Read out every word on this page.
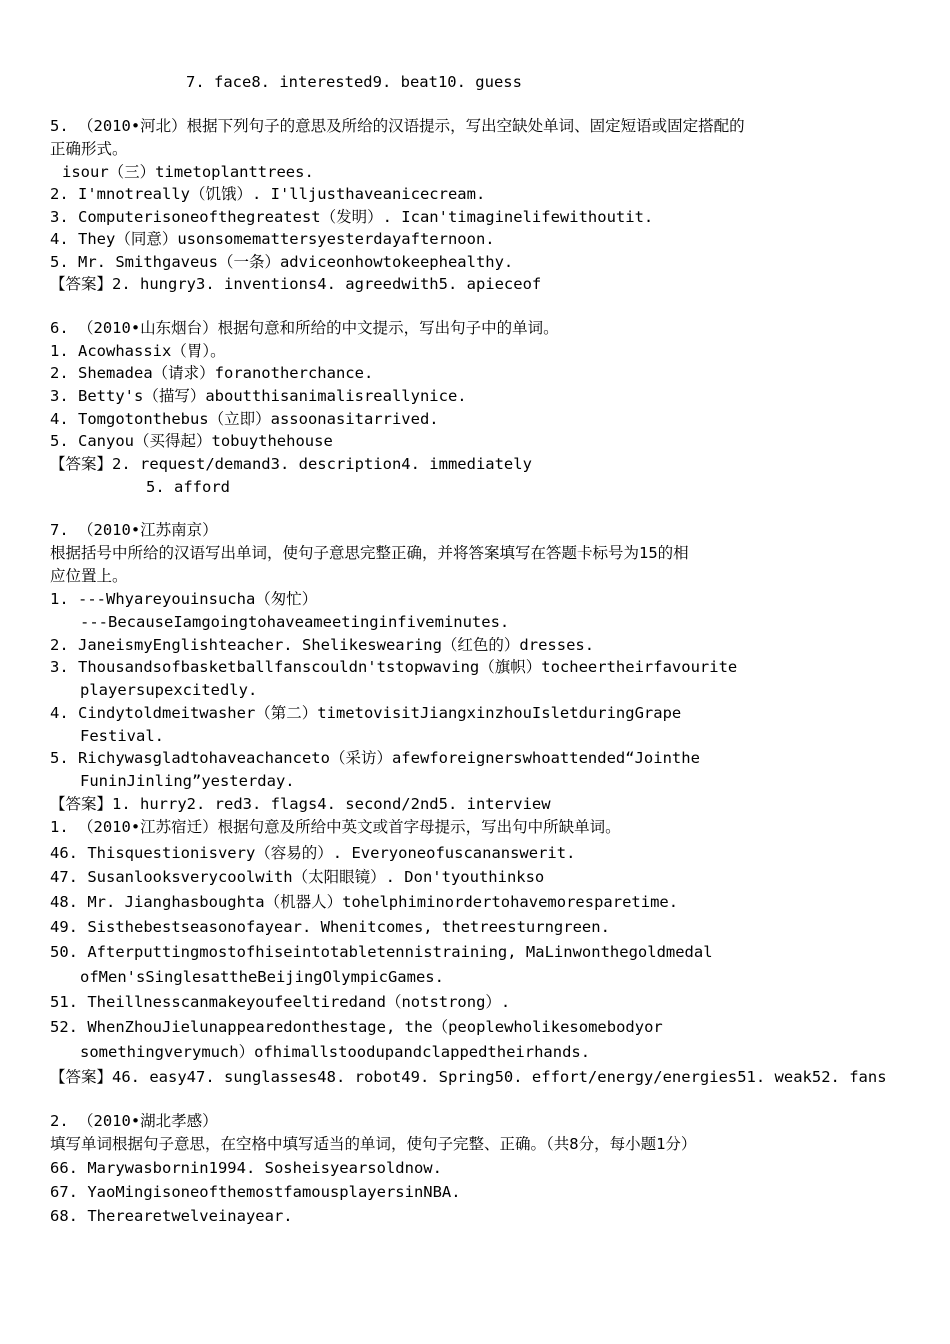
7. face8. interested9. beat10. guess
5. （2010•河北）根据下列句子的意思及所给的汉语提示，写出空缺处单词、固定短语或固定搭配的
正确形式。
isour（三）timetoplanttrees.
2. I'mnotreally（饥饿）. I'lljusthaveanicecream.
3. Computerisoneofthegreatest（发明）. Ican'timaginelifewithoutit.
4. They（同意）usonsomemattersyesterdayafternoon.
5. Mr. Smithgaveus（一条）adviceonhowtokeephealthy.
【答案】2. hungry3. inventions4. agreedwith5. apieceof
6. （2010•山东烟台）根据句意和所给的中文提示，写出句子中的单词。
1. Acowhassix（胃）。
2. Shemadea（请求）foranotherchance.
3. Betty's（描写）aboutthisanimalisreallynice.
4. Tomgotonthebus（立即）assoonasitarrived.
5. Canyou（买得起）tobuythehouse
【答案】2. request/demand3. description4. immediately
5. afford
7. （2010•江苏南京）
根据括号中所给的汉语写出单词，使句子意思完整正确，并将答案填写在答题卡标号为15的相
应位置上。
1. ---Whyareyouinsucha（匆忙）
---BecauseIamgoingtohaveameetinginfiveminutes.
2. JaneismyEnglishteacher. Shelikeswearing（红色的）dresses.
3. Thousandsofbasketballfanscouldn'tstopwaving（旗帜）tocheertheirfavourite
playersupexcitedly.
4. Cindytoldmeitwasher（第二）timetovisitJiangxinzhouIsletduringGrape
Festival.
5. Richywasgladtohaveachanceto（采访）afewforeignerswhoattended“Jointhe
FuninJinling”yesterday.
【答案】1. hurry2. red3. flags4. second/2nd5. interview
1. （2010•江苏宿迁）根据句意及所给中英文或首字母提示，写出句中所缺单词。
46. Thisquestionisvery（容易的）. Everyoneofuscananswerit.
47. Susanlooksverycoolwith（太阳眼镜）. Don'tyouthinkso
48. Mr. Jianghasboughta（机器人）tohelphiminordertohavemoresparetime.
49. Sisthebestseasonofayear. Whenitcomes, thetreesturngreen.
50. Afterputtingmostofhiseintotabletennistraining, MaLinwonthegoldmedal
ofMen'sSinglesattheBeijingOlympicGames.
51. Theillnesscanmakeyoufeeltiredand（notstrong）.
52. WhenZhouJielunappearedonthestage, the（peoplewholikesomebodyor
somethingverymuch）ofhimallstoodupandclappedtheirhands.
【答案】46. easy47. sunglasses48. robot49. Spring50. effort/energy/energies51. weak52. fans
2. （2010•湖北孝感）
填写单词根据句子意思，在空格中填写适当的单词，使句子完整、正确。（共8分，每小题1分）
66. Marywasbornin1994. Sosheisyearsoldnow.
67. YaoMingisoneofthemostfamousplayersinNBA.
68. Therearetwelveinayear.
